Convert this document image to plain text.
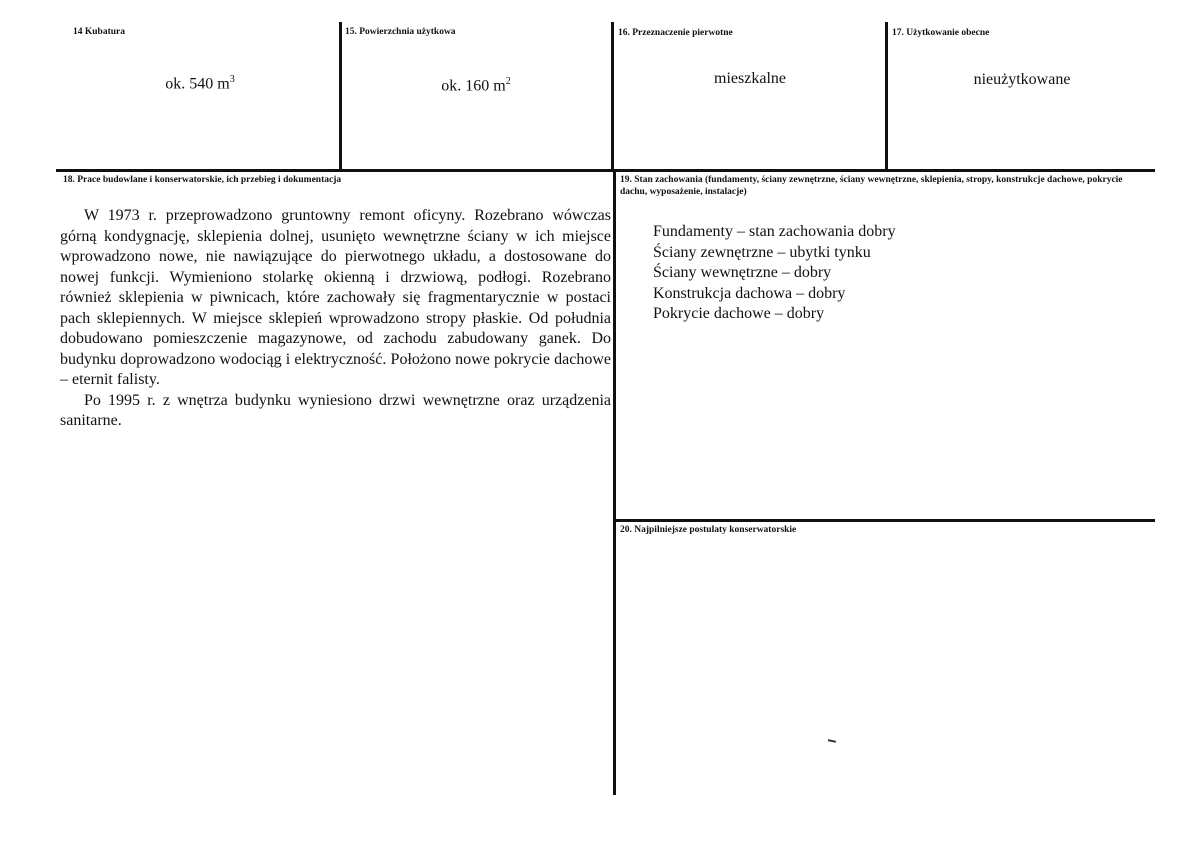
14 Kubatura
ok. 540 $m^3$
15. Powierzchnia użytkowa
ok. 160 $m^2$
16. Przeznaczenie pierwotne
mieszkalne
17. Użytkowanie obecne
nieużytkowane
18. Prace budowlane i konserwatorskie, ich przebieg i dokumentacja

W 1973 r. przeprowadzono gruntowny remont oficyny. Rozebrano wówczas górną kondygnację, sklepienia dolnej, usunięto wewnętrzne ściany w ich miejsce wprowadzono nowe, nie nawiązujące do pierwotnego układu, a dostosowane do nowej funkcji. Wymieniono stolarkę okienną i drzwiową, podłogi. Rozebrano również sklepienia w piwnicach, które zachowały się fragmentarycznie w postaci pach sklepiennych. W miejsce sklepień wprowadzono stropy płaskie. Od południa dobudowano pomieszczenie magazynowe, od zachodu zabudowany ganek. Do budynku doprowadzono wodociąg i elektryczność. Położono nowe pokrycie dachowe – eternit falisty.

Po 1995 r. z wnętrza budynku wyniesiono drzwi wewnętrzne oraz urządzenia sanitarne.

19. Stan zachowania (fundamenty, ściany zewnętrzne, ściany wewnętrzne, sklepienia, stropy, konstrukcje dachowe, pokrycie dachu, wyposażenie, instalacje)
Fundamenty – stan zachowania dobry
Ściany zewnętrzne – ubytki tynku
Ściany wewnętrzne – dobry
Konstrukcja dachowa – dobry
Pokrycie dachowe – dobry
20. Najpilniejsze postulaty konserwatorskie
